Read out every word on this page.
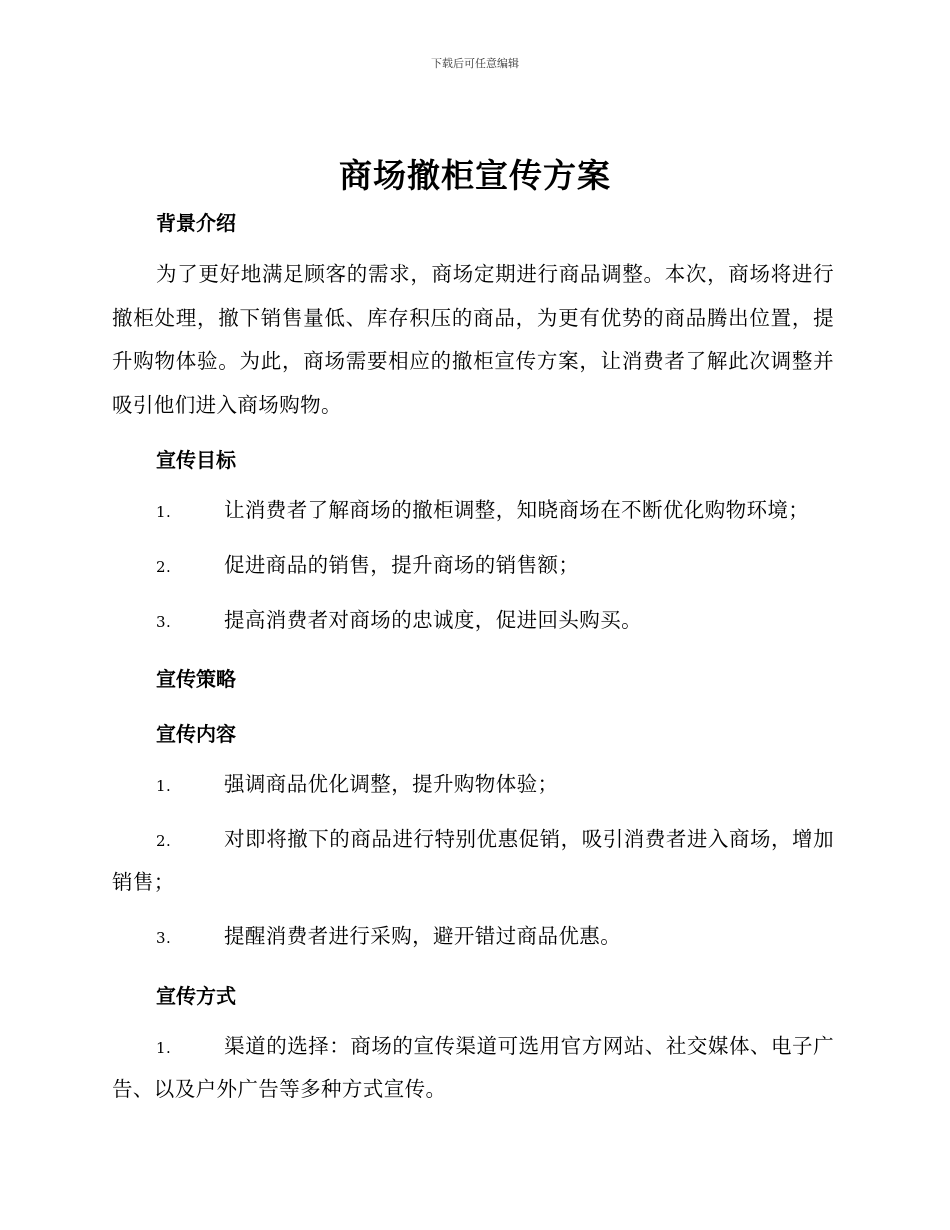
下载后可任意编辑
商场撤柜宣传方案
背景介绍

为了更好地满足顾客的需求，商场定期进行商品调整。本次，商场将进行撤柜处理，撤下销售量低、库存积压的商品，为更有优势的商品腾出位置，提升购物体验。为此，商场需要相应的撤柜宣传方案，让消费者了解此次调整并吸引他们进入商场购物。

宣传目标

1.	让消费者了解商场的撤柜调整，知晓商场在不断优化购物环境；

2.	促进商品的销售，提升商场的销售额；

3.	提高消费者对商场的忠诚度，促进回头购买。

宣传策略
宣传内容

1.	强调商品优化调整，提升购物体验；

2.	对即将撤下的商品进行特别优惠促销，吸引消费者进入商场，增加销售；

3.	提醒消费者进行采购，避开错过商品优惠。

宣传方式

1.	渠道的选择：商场的宣传渠道可选用官方网站、社交媒体、电子广告、以及户外广告等多种方式宣传。
